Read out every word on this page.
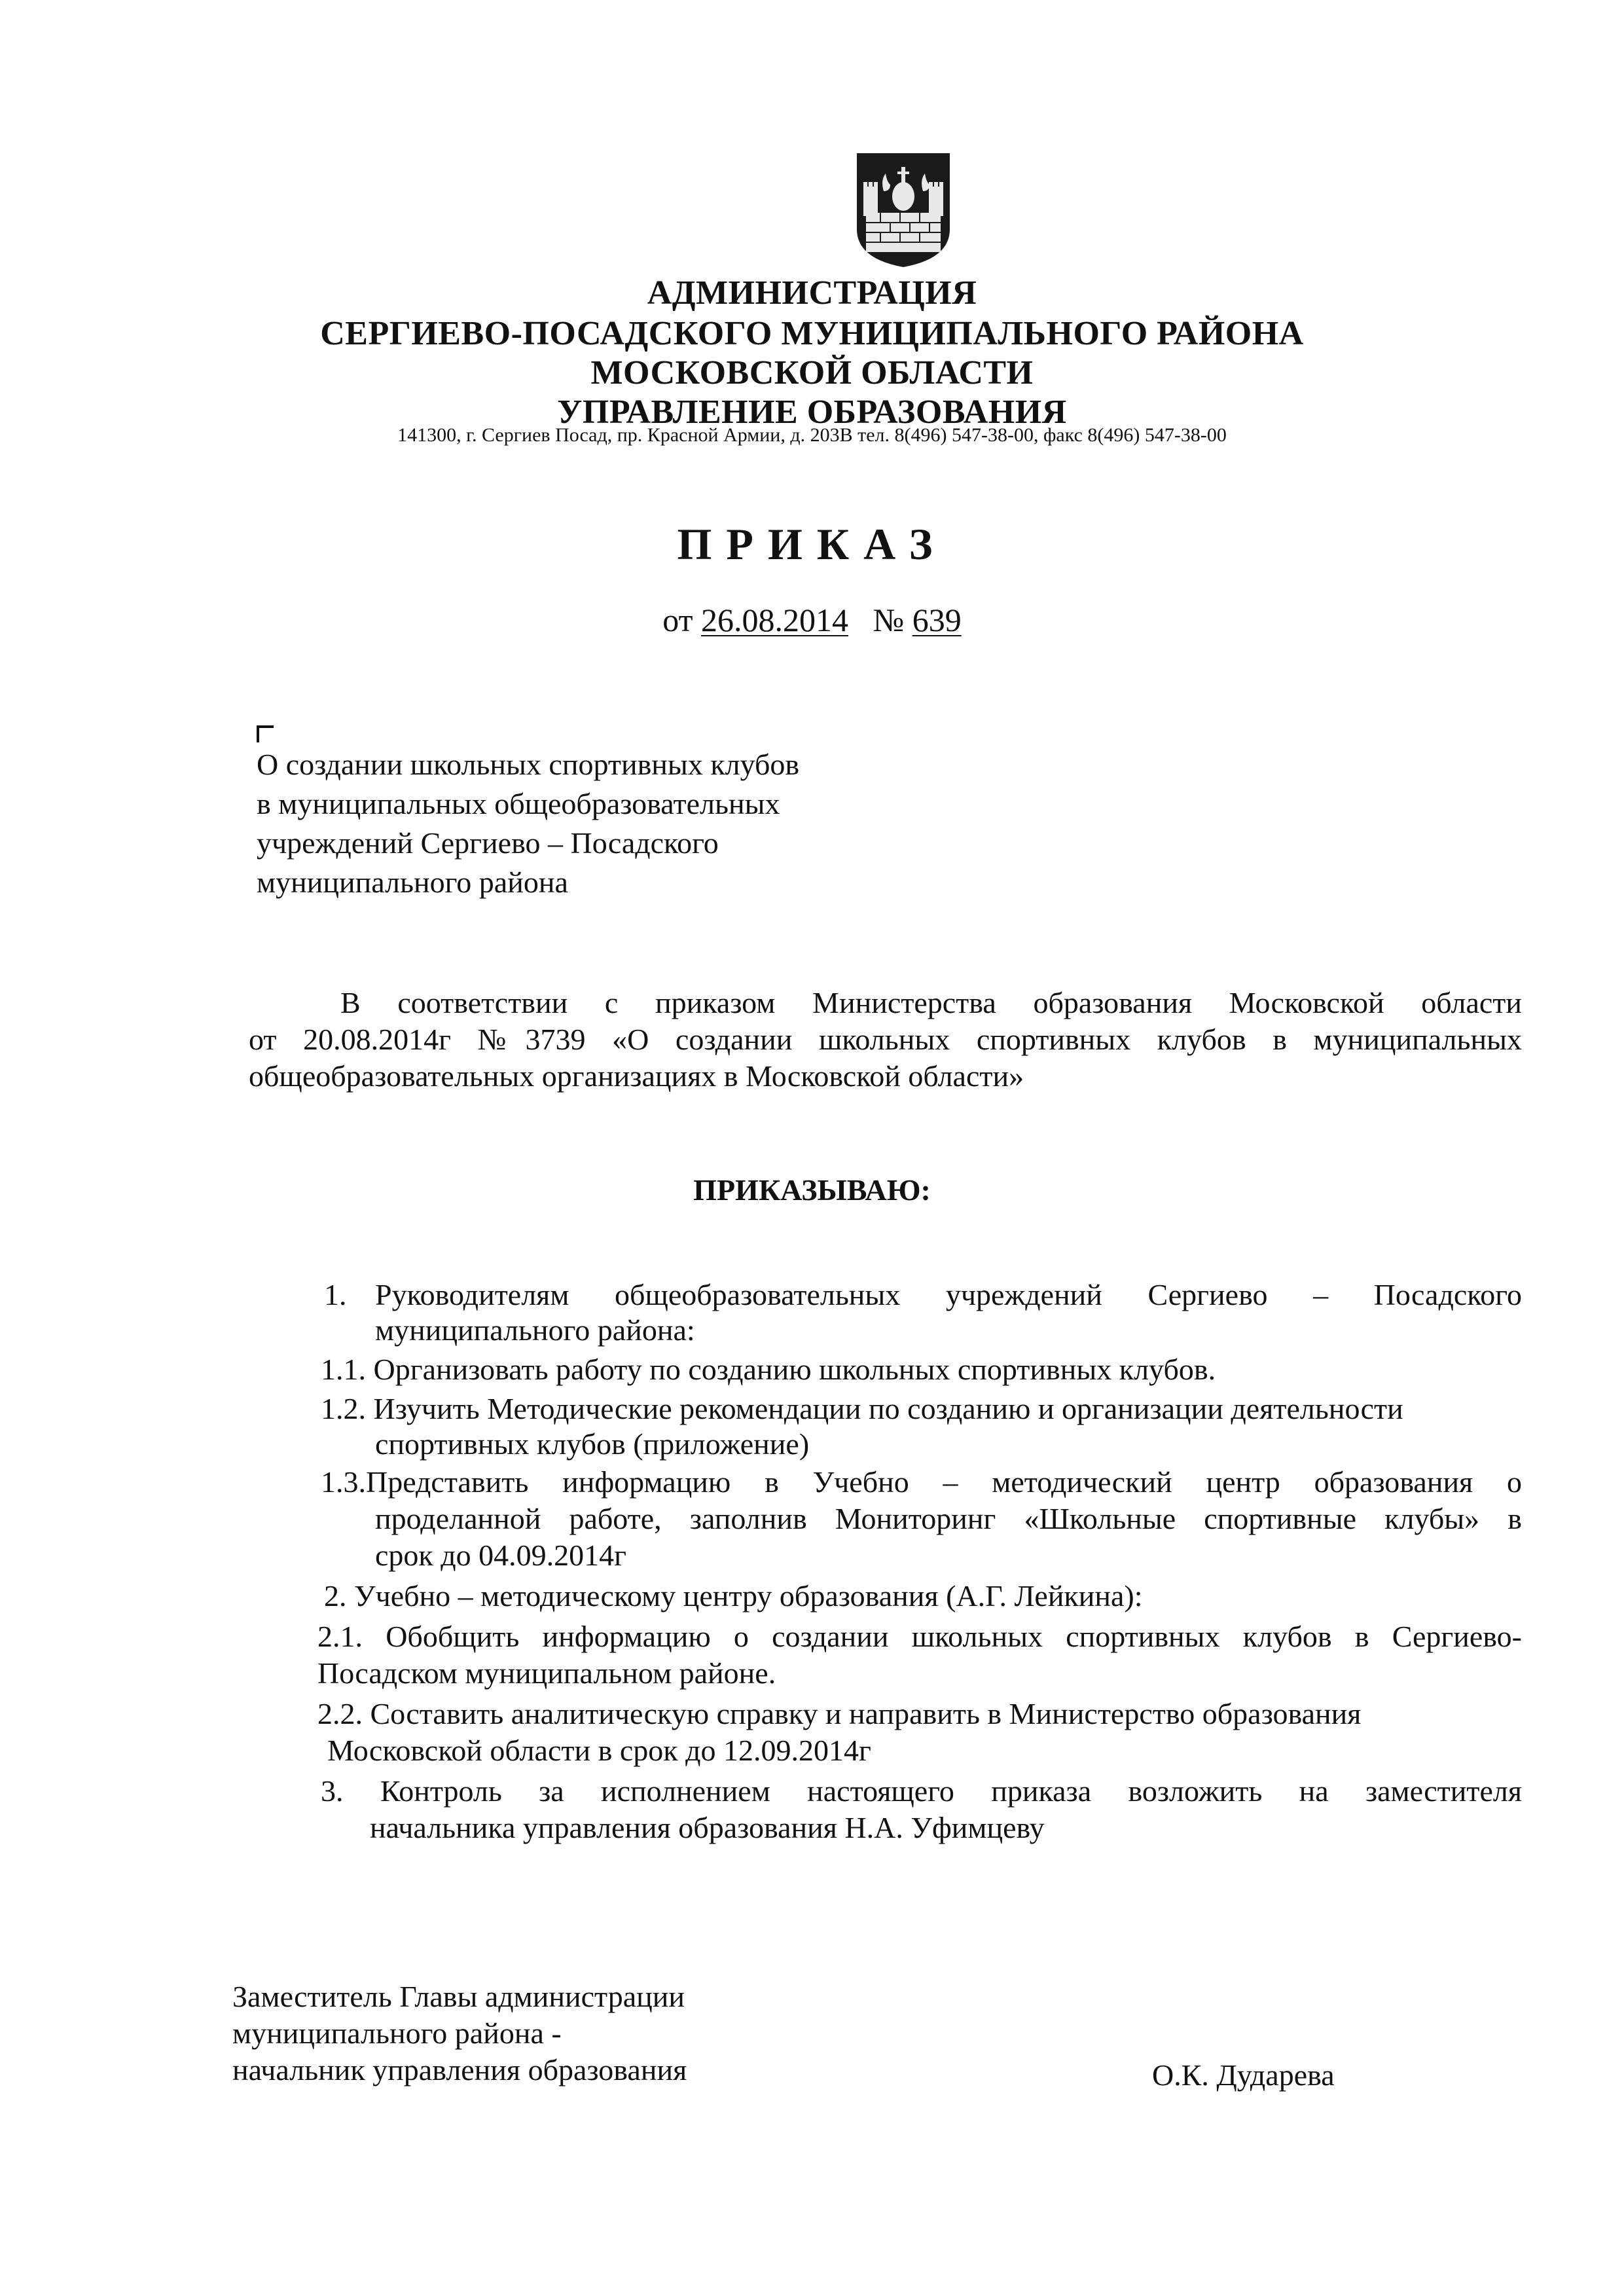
АДМИНИСТРАЦИЯ
СЕРГИЕВО-ПОСАДСКОГО МУНИЦИПАЛЬНОГО РАЙОНА
МОСКОВСКОЙ ОБЛАСТИ
УПРАВЛЕНИЕ ОБРАЗОВАНИЯ
141300, г. Сергиев Посад, пр. Красной Армии, д. 203В тел. 8(496) 547-38-00, факс 8(496) 547-38-00
ПРИКАЗ
от 26.08.2014 № 639
О создании школьных спортивных клубов
в муниципальных общеобразовательных
учреждений Сергиево – Посадского
муниципального района
В соответствии с приказом Министерства образования Московской области
от 20.08.2014г №3739 «О создании школьных спортивных клубов в муниципальных
общеобразовательных организациях в Московской области»
ПРИКАЗЫВАЮ:
1. Руководителям общеобразовательных учреждений Сергиево – Посадского
муниципального района:
1.1. Организовать работу по созданию школьных спортивных клубов.
1.2. Изучить Методические рекомендации по созданию и организации деятельности
спортивных клубов (приложение)
1.3.Представить информацию в Учебно – методический центр образования о
проделанной работе, заполнив Мониторинг «Школьные спортивные клубы» в
срок до 04.09.2014г
2. Учебно – методическому центру образования (А.Г. Лейкина):
2.1. Обобщить информацию о создании школьных спортивных клубов в Сергиево-
Посадском муниципальном районе.
2.2. Составить аналитическую справку и направить в Министерство образования
Московской области в срок до 12.09.2014г
3. Контроль за исполнением настоящего приказа возложить на заместителя
начальника управления образования Н.А. Уфимцеву
Заместитель Главы администрации
муниципального района -
начальник управления образования	О.К. Дударева
